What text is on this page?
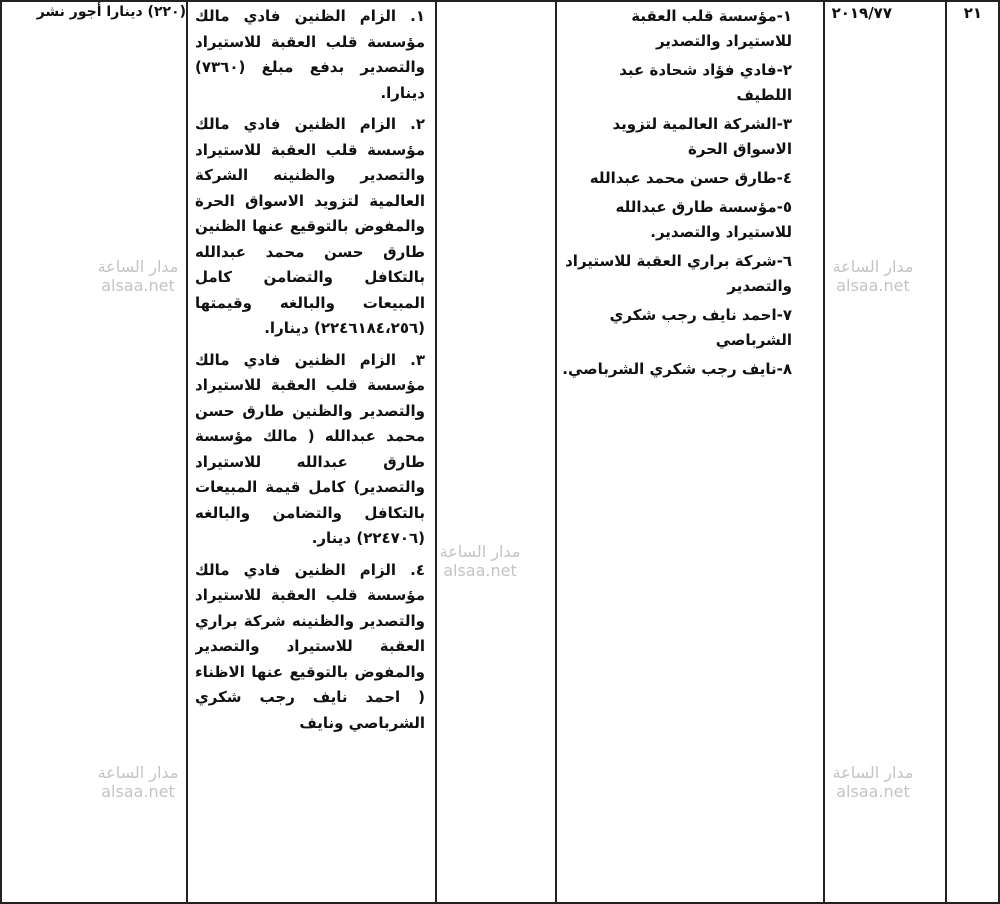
٢١
٢٠١٩/٧٧

١-مؤسسة قلب العقبة للاستيراد والتصدير

٢-فادي فؤاد شحادة عبد اللطيف

٣-الشركة العالمية لتزويد الاسواق الحرة

٤-طارق حسن محمد عبدالله

٥-مؤسسة طارق عبدالله للاستيراد والتصدير.

٦-شركة براري العقبة للاستيراد والتصدير

٧-احمد نايف رجب شكري الشرباصي

٨-نايف رجب شكري الشرباصي.

١. الزام الظنين فادي مالك مؤسسة قلب العقبة للاستيراد والتصدير بدفع مبلغ (٧٣٦٠) دينارا.

٢. الزام الظنين فادي مالك مؤسسة قلب العقبة للاستيراد والتصدير والظنينه الشركة العالمية لتزويد الاسواق الحرة والمفوض بالتوقيع عنها الظنين طارق حسن محمد عبدالله بالتكافل والتضامن كامل المبيعات والبالغه وقيمتها (٢٢٤٦١٨٤،٢٥٦) دينارا.

٣. الزام الظنين فادي مالك مؤسسة قلب العقبة للاستيراد والتصدير والظنين طارق حسن محمد عبدالله ( مالك مؤسسة طارق عبدالله للاستيراد والتصدير) كامل قيمة المبيعات بالتكافل والتضامن والبالغه (٢٢٤٧٠٦) دينار.

٤. الزام الظنين فادي مالك مؤسسة قلب العقبة للاستيراد والتصدير والظنينه شركة براري العقبة للاستيراد والتصدير والمفوض بالتوقيع عنها الاظناء ( احمد نايف رجب شكري الشرباصي ونايف

(٢٢٠) دينارا أجور نشر
مدار الساعة
alsaa.net
مدار الساعة
alsaa.net
مدار الساعة
alsaa.net
مدار الساعة
alsaa.net
مدار الساعة
alsaa.net
